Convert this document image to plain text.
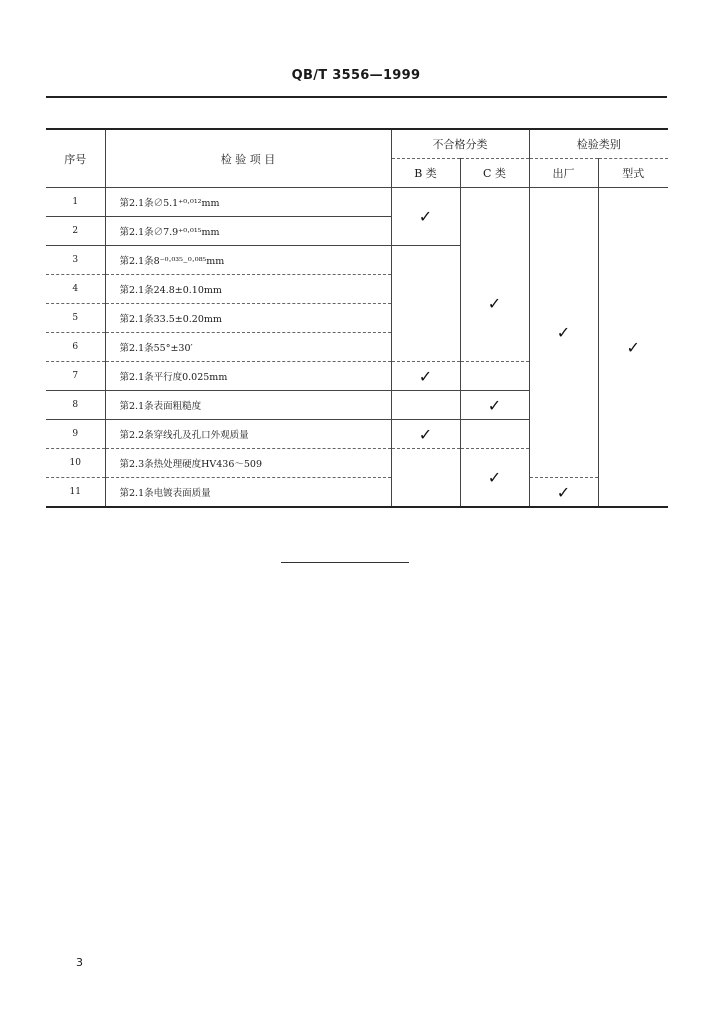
QB/T 3556—1999
序号	检 验 项 目	不合格分类		检验类别	
		B 类	C 类	出厂	型式
1	第2.1条∅5.1⁺⁰·⁰¹²mm	✓		✓	✓
2	第2.1条∅7.9⁺⁰·⁰¹⁵mm				
3	第2.1条8⁻⁰·⁰³⁵₋⁰·⁰⁸⁵mm		✓		
4	第2.1条24.8±0.10mm				
5	第2.1条33.5±0.20mm				
6	第2.1条55°±30′				
7	第2.1条平行度0.025mm	✓			
8	第2.1条表面粗糙度		✓		
9	第2.2条穿线孔及孔口外观质量	✓			
10	第2.3条热处理硬度HV436～509		✓		
11	第2.1条电镀表面质量			✓	
3
